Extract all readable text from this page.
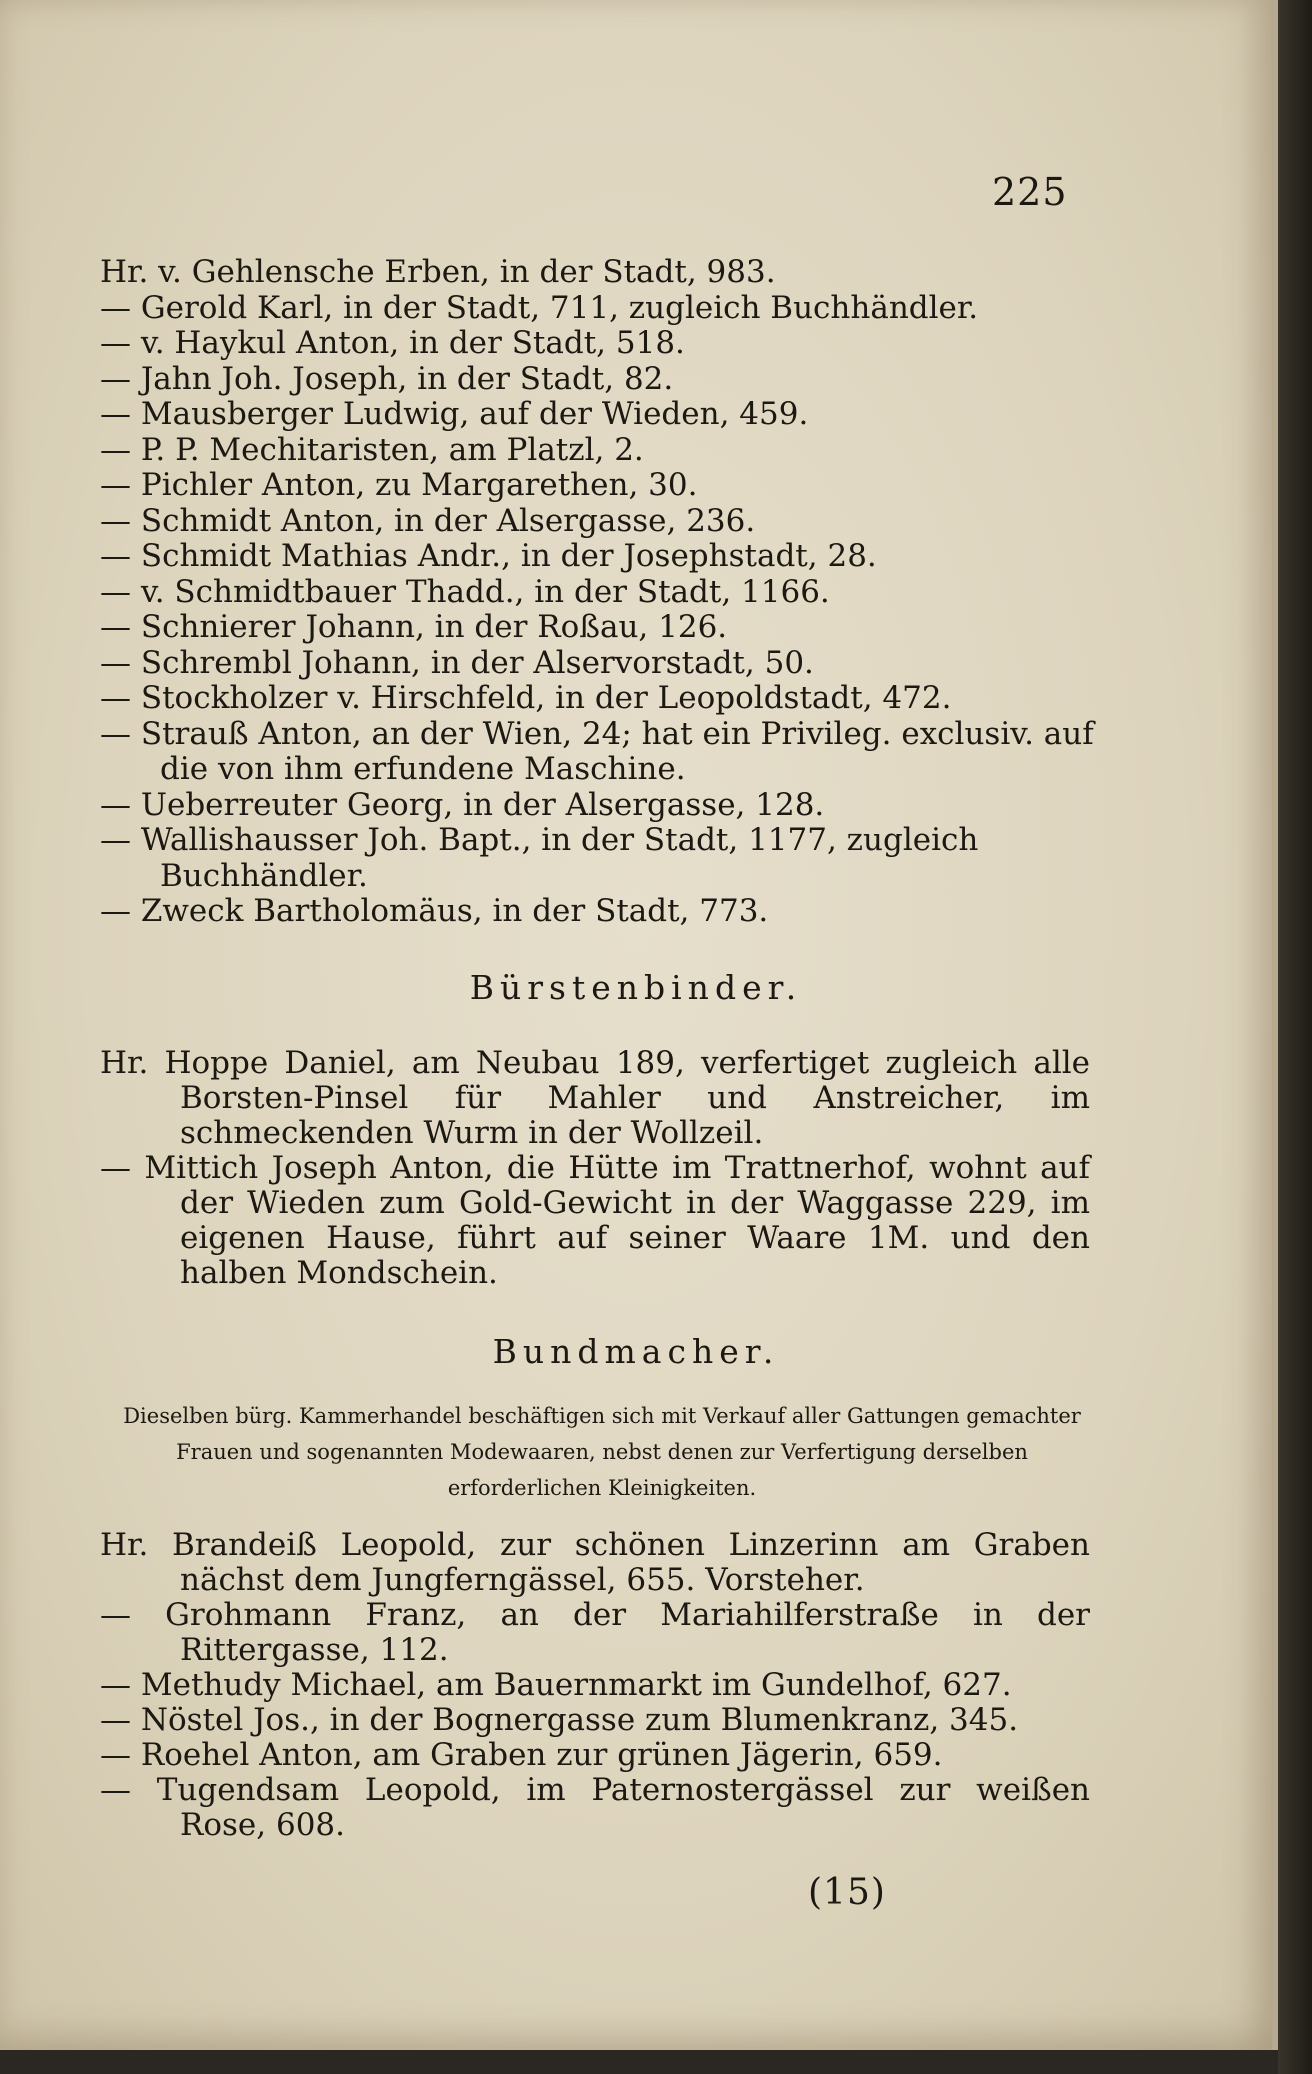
225
Hr. v. Gehlensche Erben, in der Stadt, 983.
— Gerold Karl, in der Stadt, 711, zugleich Buchhändler.
— v. Haykul Anton, in der Stadt, 518.
— Jahn Joh. Joseph, in der Stadt, 82.
— Mausberger Ludwig, auf der Wieden, 459.
— P. P. Mechitaristen, am Platzl, 2.
— Pichler Anton, zu Margarethen, 30.
— Schmidt Anton, in der Alsergasse, 236.
— Schmidt Mathias Andr., in der Josephstadt, 28.
— v. Schmidtbauer Thadd., in der Stadt, 1166.
— Schnierer Johann, in der Roßau, 126.
— Schrembl Johann, in der Alservorstadt, 50.
— Stockholzer v. Hirschfeld, in der Leopoldstadt, 472.
— Strauß Anton, an der Wien, 24; hat ein Privileg. exclusiv. auf die von ihm erfundene Maschine.
— Ueberreuter Georg, in der Alsergasse, 128.
— Wallishausser Joh. Bapt., in der Stadt, 1177, zugleich Buchhändler.
— Zweck Bartholomäus, in der Stadt, 773.
Bürstenbinder.
Hr. Hoppe Daniel, am Neubau 189, verfertiget zugleich alle Borsten-Pinsel für Mahler und Anstreicher, im schmeckenden Wurm in der Wollzeil.
— Mittich Joseph Anton, die Hütte im Trattnerhof, wohnt auf der Wieden zum Gold-Gewicht in der Waggasse 229, im eigenen Hause, führt auf seiner Waare 1M. und den halben Mondschein.
Bundmacher.
Dieselben bürg. Kammerhandel beschäftigen sich mit Verkauf aller Gattungen gemachter Frauen und sogenannten Modewaaren, nebst denen zur Verfertigung derselben erforderlichen Kleinigkeiten.
Hr. Brandeiß Leopold, zur schönen Linzerinn am Graben nächst dem Jungferngässel, 655. Vorsteher.
— Grohmann Franz, an der Mariahilferstraße in der Rittergasse, 112.
— Methudy Michael, am Bauernmarkt im Gundelhof, 627.
— Nöstel Jos., in der Bognergasse zum Blumenkranz, 345.
— Roehel Anton, am Graben zur grünen Jägerin, 659.
— Tugendsam Leopold, im Paternostergässel zur weißen Rose, 608.
(15)
